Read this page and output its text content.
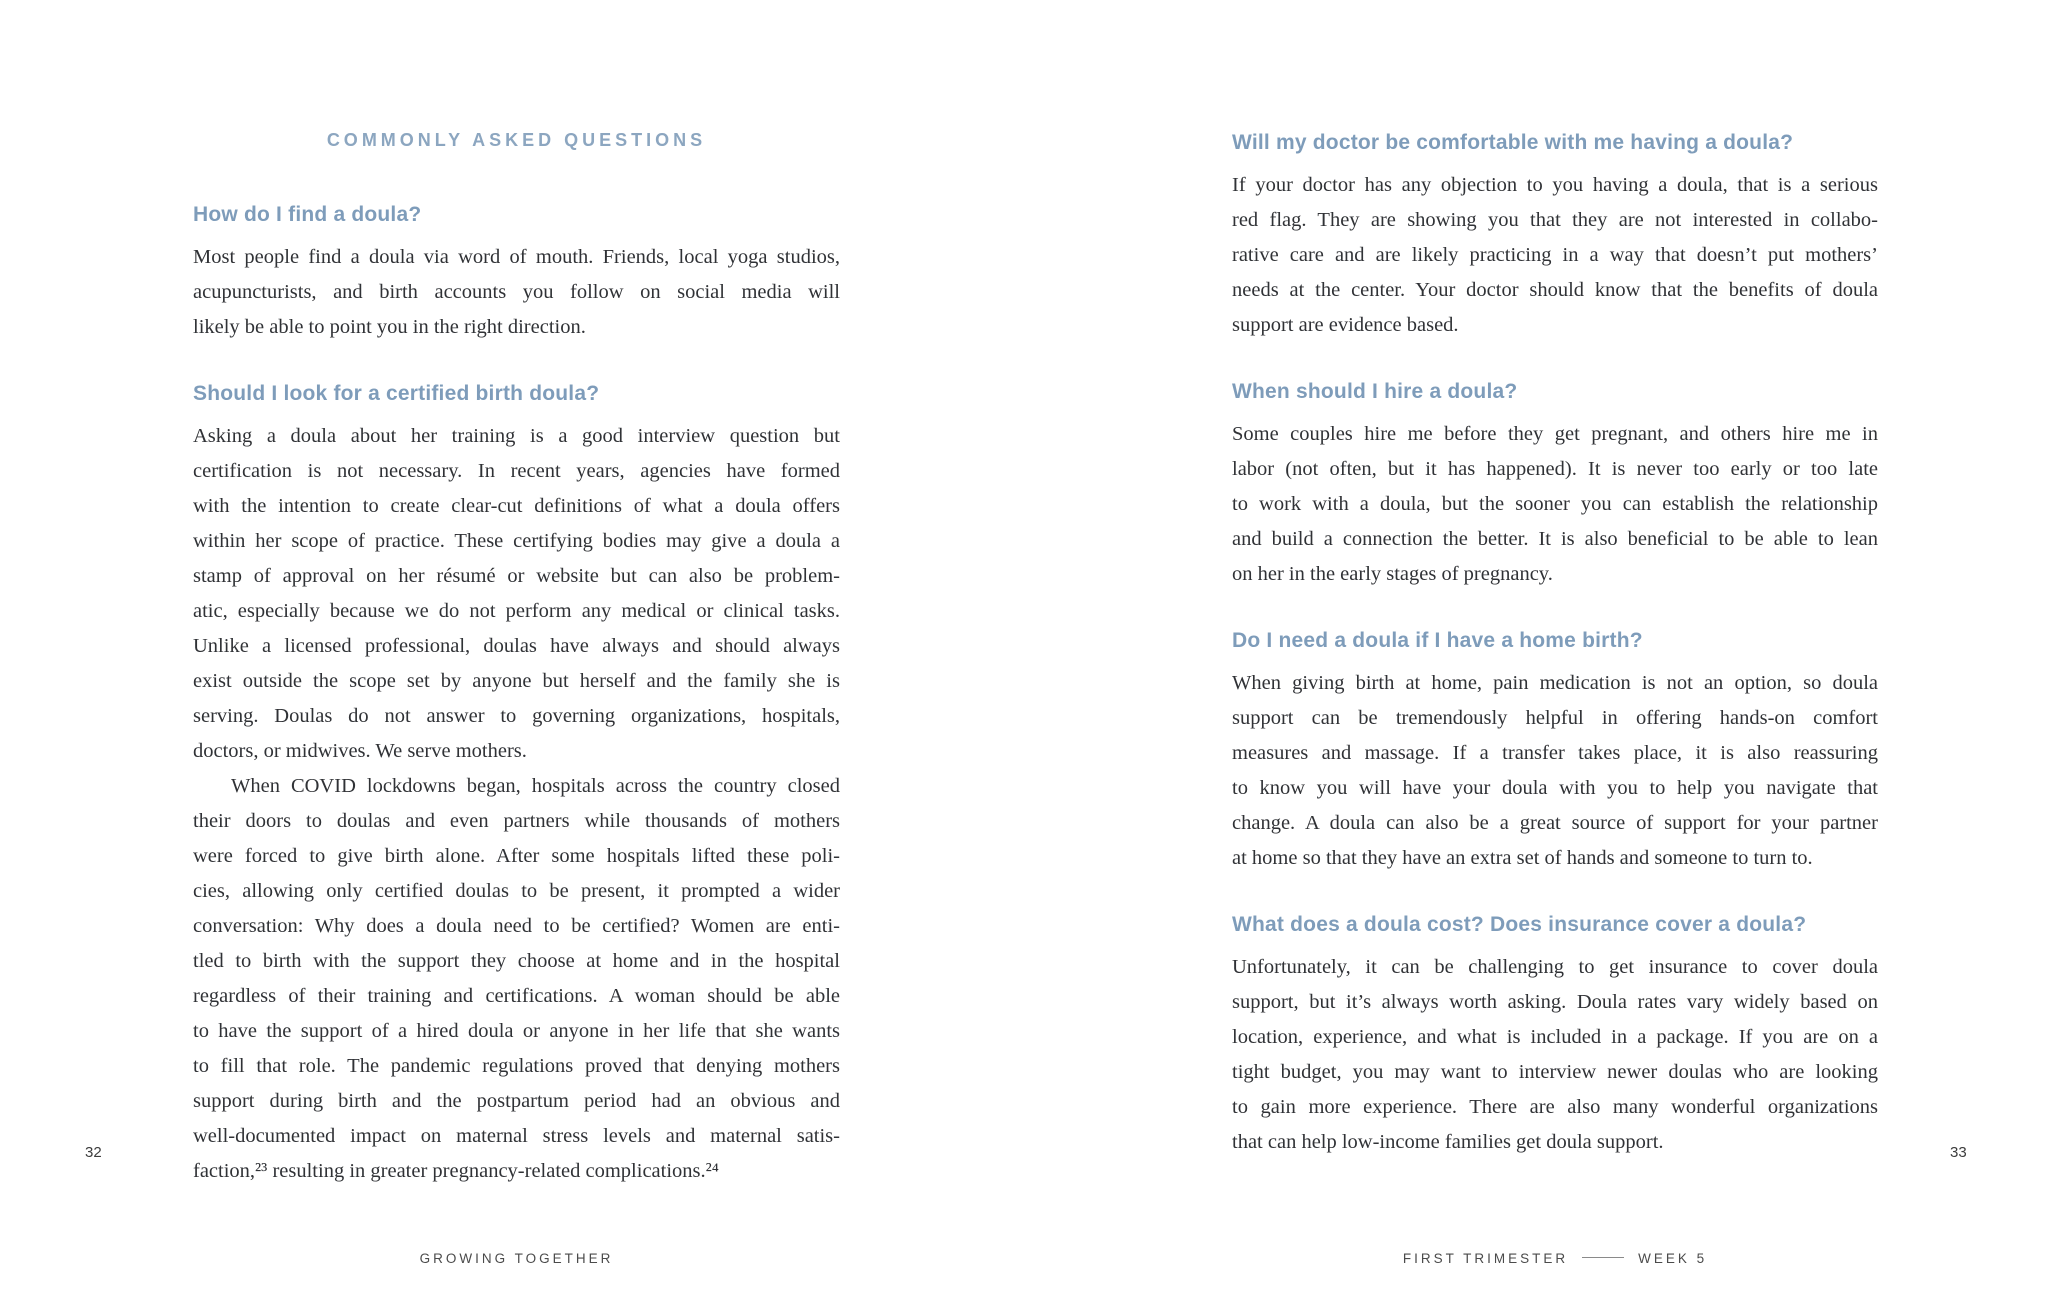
COMMONLY ASKED QUESTIONS
How do I find a doula?
Most people find a doula via word of mouth. Friends, local yoga studios,
acupuncturists, and birth accounts you follow on social media will
likely be able to point you in the right direction.
Should I look for a certified birth doula?
Asking a doula about her training is a good interview question but
certification is not necessary. In recent years, agencies have formed
with the intention to create clear-cut definitions of what a doula offers
within her scope of practice. These certifying bodies may give a doula a
stamp of approval on her résumé or website but can also be problem-
atic, especially because we do not perform any medical or clinical tasks.
Unlike a licensed professional, doulas have always and should always
exist outside the scope set by anyone but herself and the family she is
serving. Doulas do not answer to governing organizations, hospitals,
doctors, or midwives. We serve mothers.
When COVID lockdowns began, hospitals across the country closed
their doors to doulas and even partners while thousands of mothers
were forced to give birth alone. After some hospitals lifted these poli-
cies, allowing only certified doulas to be present, it prompted a wider
conversation: Why does a doula need to be certified? Women are enti-
tled to birth with the support they choose at home and in the hospital
regardless of their training and certifications. A woman should be able
to have the support of a hired doula or anyone in her life that she wants
to fill that role. The pandemic regulations proved that denying mothers
support during birth and the postpartum period had an obvious and
well-documented impact on maternal stress levels and maternal satis-
faction,²³ resulting in greater pregnancy-related complications.²⁴
Will my doctor be comfortable with me having a doula?
If your doctor has any objection to you having a doula, that is a serious
red flag. They are showing you that they are not interested in collabo-
rative care and are likely practicing in a way that doesn’t put mothers’
needs at the center. Your doctor should know that the benefits of doula
support are evidence based.
When should I hire a doula?
Some couples hire me before they get pregnant, and others hire me in
labor (not often, but it has happened). It is never too early or too late
to work with a doula, but the sooner you can establish the relationship
and build a connection the better. It is also beneficial to be able to lean
on her in the early stages of pregnancy.
Do I need a doula if I have a home birth?
When giving birth at home, pain medication is not an option, so doula
support can be tremendously helpful in offering hands-on comfort
measures and massage. If a transfer takes place, it is also reassuring
to know you will have your doula with you to help you navigate that
change. A doula can also be a great source of support for your partner
at home so that they have an extra set of hands and someone to turn to.
What does a doula cost? Does insurance cover a doula?
Unfortunately, it can be challenging to get insurance to cover doula
support, but it’s always worth asking. Doula rates vary widely based on
location, experience, and what is included in a package. If you are on a
tight budget, you may want to interview newer doulas who are looking
to gain more experience. There are also many wonderful organizations
that can help low-income families get doula support.
32	33
GROWING TOGETHER	FIRST TRIMESTER	WEEK 5
